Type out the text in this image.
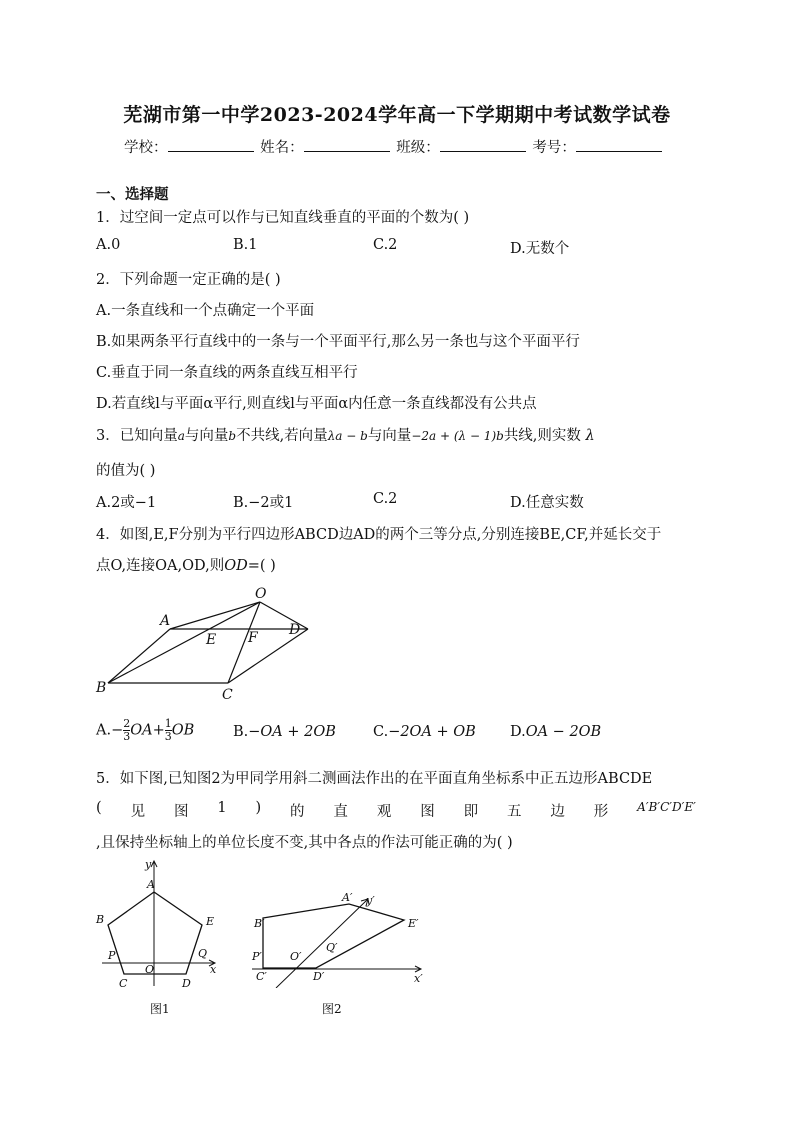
芜湖市第一中学2023-2024学年高一下学期期中考试数学试卷
学校：	姓名：	班级：	考号：
一、选择题
1．过空间一定点可以作与已知直线垂直的平面的个数为( )
A.0	B.1	C.2	D.无数个
2．下列命题一定正确的是( )
A.一条直线和一个点确定一个平面
B.如果两条平行直线中的一条与一个平面平行,那么另一条也与这个平面平行
C.垂直于同一条直线的两条直线互相平行
D.若直线l与平面α平行,则直线l与平面α内任意一条直线都没有公共点
3．已知向量a与向量b不共线,若向量λa − b与向量−2a + (λ − 1)b共线,则实数 λ
的值为( )
A.2或−1	B.−2或1	C.2	D.任意实数
4．如图,E,F分别为平行四边形ABCD边AD的两个三等分点,分别连接BE,CF,并延长交于
点O,连接OA,OD,则OD=( )
O
A
E F D
B	C
$A.- \frac{2}{3} OA+ \frac{1}{3}$ OB	B.−OA + 2OB	C.−2OA + OB D.OA − 2OB
5．如下图,已知图2为甲同学用斜二测画法作出的在平面直角坐标系中正五边形ABCDE
( 见 图 1 ) 的 直 观 图 即 五 边 形 A′B′C′D′E′
,且保持坐标轴上的单位长度不变,其中各点的作法可能正确的为( )
y
A
B	E
P	Q
O	x
C	D
图1
A′ y′
B′	E′
P′	O′
Q′
C′	D′	x′
图2
